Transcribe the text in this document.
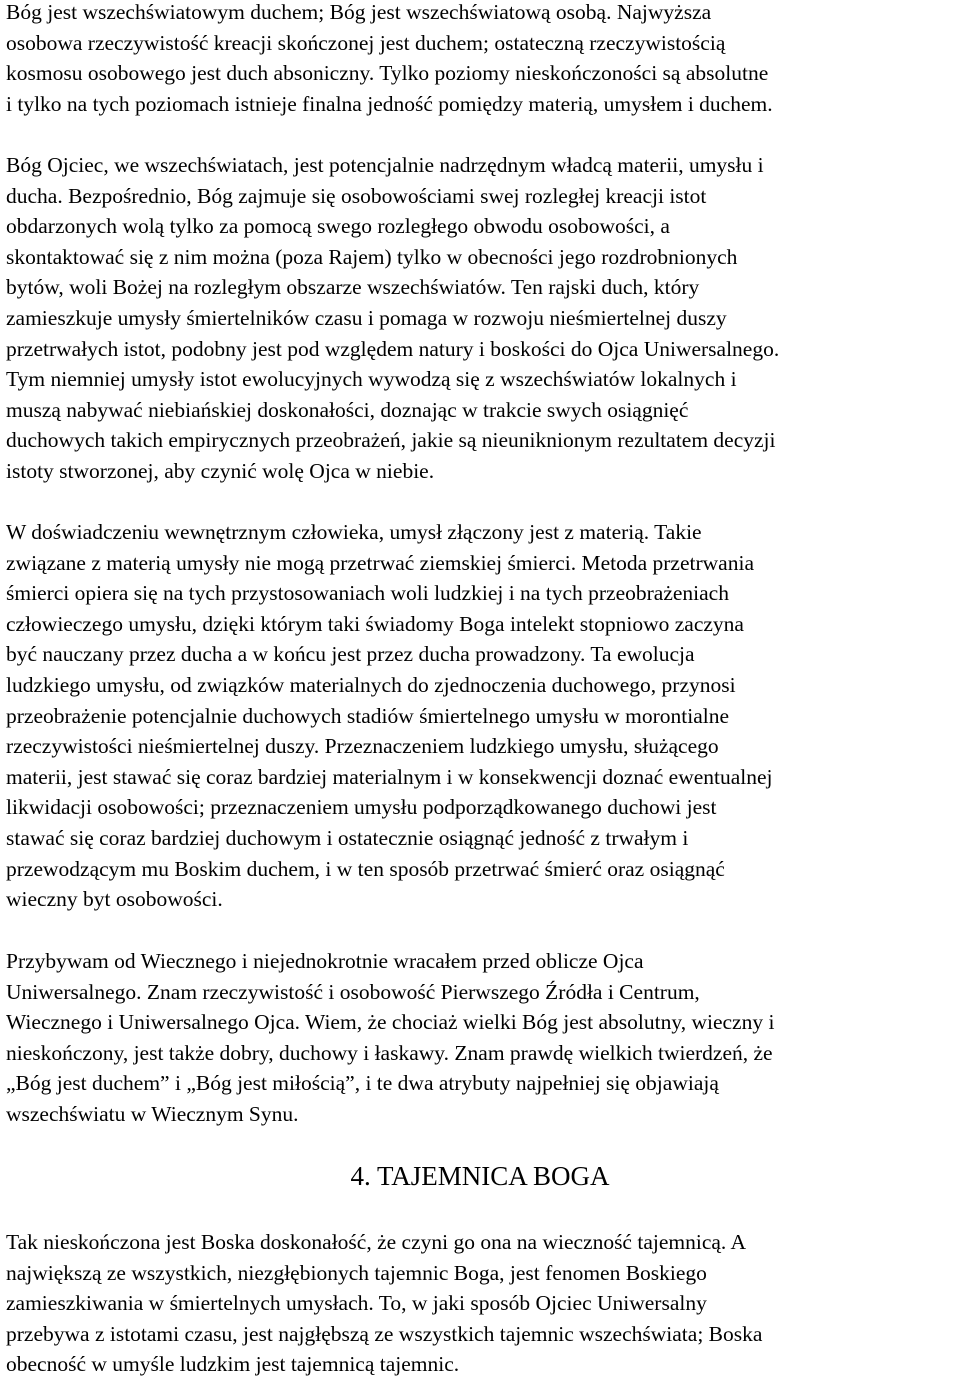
Bóg jest wszechświatowym duchem; Bóg jest wszechświatową osobą. Najwyższa
osobowa rzeczywistość kreacji skończonej jest duchem; ostateczną rzeczywistością
kosmosu osobowego jest duch absoniczny. Tylko poziomy nieskończoności są absolutne
i tylko na tych poziomach istnieje finalna jedność pomiędzy materią, umysłem i duchem.

Bóg Ojciec, we wszechświatach, jest potencjalnie nadrzędnym władcą materii, umysłu i
ducha. Bezpośrednio, Bóg zajmuje się osobowościami swej rozległej kreacji istot
obdarzonych wolą tylko za pomocą swego rozległego obwodu osobowości, a
skontaktować się z nim można (poza Rajem) tylko w obecności jego rozdrobnionych
bytów, woli Bożej na rozległym obszarze wszechświatów. Ten rajski duch, który
zamieszkuje umysły śmiertelników czasu i pomaga w rozwoju nieśmiertelnej duszy
przetrwałych istot, podobny jest pod względem natury i boskości do Ojca Uniwersalnego.
Tym niemniej umysły istot ewolucyjnych wywodzą się z wszechświatów lokalnych i
muszą nabywać niebiańskiej doskonałości, doznając w trakcie swych osiągnięć
duchowych takich empirycznych przeobrażeń, jakie są nieuniknionym rezultatem decyzji
istoty stworzonej, aby czynić wolę Ojca w niebie.

W doświadczeniu wewnętrznym człowieka, umysł złączony jest z materią. Takie
związane z materią umysły nie mogą przetrwać ziemskiej śmierci. Metoda przetrwania
śmierci opiera się na tych przystosowaniach woli ludzkiej i na tych przeobrażeniach
człowieczego umysłu, dzięki którym taki świadomy Boga intelekt stopniowo zaczyna
być nauczany przez ducha a w końcu jest przez ducha prowadzony. Ta ewolucja
ludzkiego umysłu, od związków materialnych do zjednoczenia duchowego, przynosi
przeobrażenie potencjalnie duchowych stadiów śmiertelnego umysłu w morontialne
rzeczywistości nieśmiertelnej duszy. Przeznaczeniem ludzkiego umysłu, służącego
materii, jest stawać się coraz bardziej materialnym i w konsekwencji doznać ewentualnej
likwidacji osobowości; przeznaczeniem umysłu podporządkowanego duchowi jest
stawać się coraz bardziej duchowym i ostatecznie osiągnąć jedność z trwałym i
przewodzącym mu Boskim duchem, i w ten sposób przetrwać śmierć oraz osiągnąć
wieczny byt osobowości.

Przybywam od Wiecznego i niejednokrotnie wracałem przed oblicze Ojca
Uniwersalnego. Znam rzeczywistość i osobowość Pierwszego Źródła i Centrum,
Wiecznego i Uniwersalnego Ojca. Wiem, że chociaż wielki Bóg jest absolutny, wieczny i
nieskończony, jest także dobry, duchowy i łaskawy. Znam prawdę wielkich twierdzeń, że
„Bóg jest duchem” i „Bóg jest miłością”, i te dwa atrybuty najpełniej się objawiają
wszechświatu w Wiecznym Synu.

4. TAJEMNICA BOGA

Tak nieskończona jest Boska doskonałość, że czyni go ona na wieczność tajemnicą. A
największą ze wszystkich, niezgłębionych tajemnic Boga, jest fenomen Boskiego
zamieszkiwania w śmiertelnych umysłach. To, w jaki sposób Ojciec Uniwersalny
przebywa z istotami czasu, jest najgłębszą ze wszystkich tajemnic wszechświata; Boska
obecność w umyśle ludzkim jest tajemnicą tajemnic.
